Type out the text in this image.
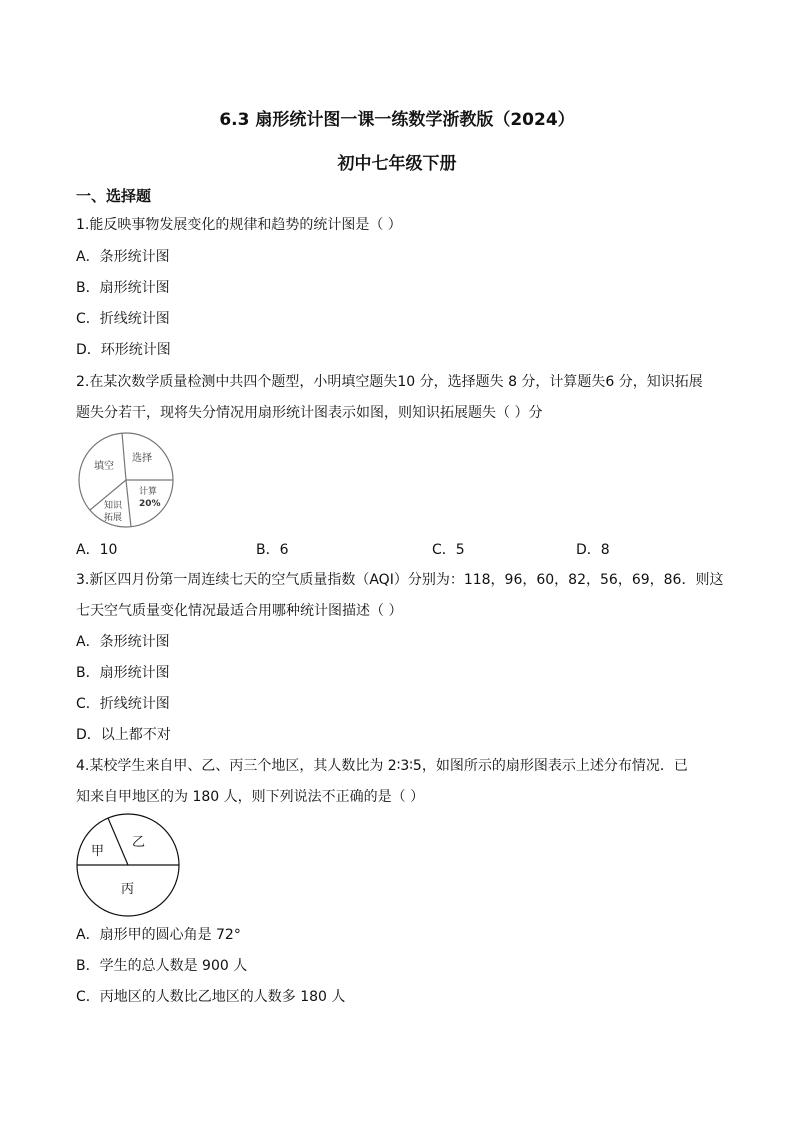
6.3 扇形统计图一课一练数学浙教版（2024）
初中七年级下册
一、选择题
1.能反映事物发展变化的规律和趋势的统计图是（ ）
A．条形统计图
B．扇形统计图
C．折线统计图
D．环形统计图
2.在某次数学质量检测中共四个题型，小明填空题失10 分，选择题失 8 分，计算题失6 分，知识拓展
题失分若干，现将失分情况用扇形统计图表示如图，则知识拓展题失（ ）分
填空
选择
计算
20%
知识
拓展
A．10	B．6	C．5	D．8
3.新区四月份第一周连续七天的空气质量指数（AQI）分别为：118，96，60，82，56，69，86．则这
七天空气质量变化情况最适合用哪种统计图描述（ ）
A．条形统计图
B．扇形统计图
C．折线统计图
D．以上都不对
4.某校学生来自甲、乙、丙三个地区，其人数比为 2∶3∶5，如图所示的扇形图表示上述分布情况．已
知来自甲地区的为 180 人，则下列说法不正确的是（ ）
甲
乙
丙
A．扇形甲的圆心角是 72°
B．学生的总人数是 900 人
C．丙地区的人数比乙地区的人数多 180 人
